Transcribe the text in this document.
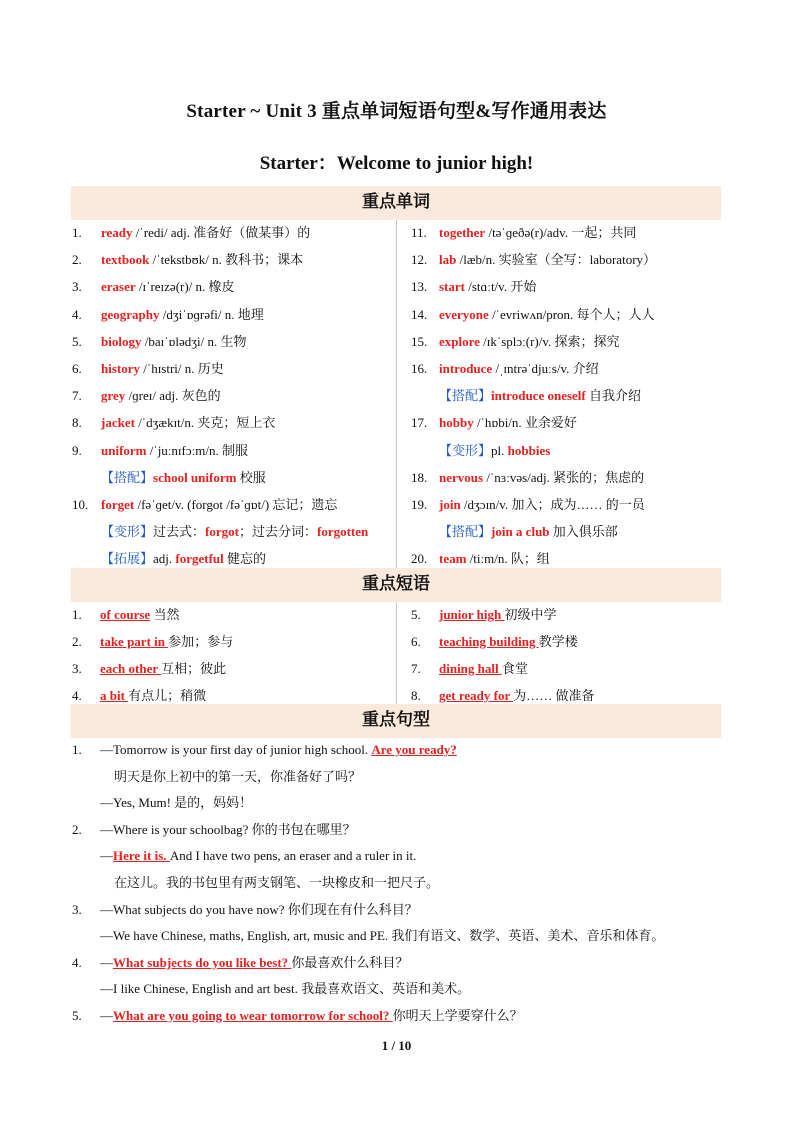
Starter ~ Unit 3 重点单词短语句型&写作通用表达
Starter：Welcome to junior high!
重点单词
1. ready /ˈredi/ adj. 准备好（做某事）的
2. textbook /ˈtekstbʊk/ n. 教科书；课本
3. eraser /ɪˈreɪzə(r)/ n. 橡皮
4. geography /dʒiˈɒɡrəfi/ n. 地理
5. biology /baɪˈɒlədʒi/ n. 生物
6. history /ˈhɪstri/ n. 历史
7. grey /ɡreɪ/ adj. 灰色的
8. jacket /ˈdʒækɪt/n. 夹克；短上衣
9. uniform /ˈjuːnɪfɔːm/n. 制服
【搭配】school uniform 校服
10. forget /fəˈɡet/v. (forgot /fəˈɡɒt/) 忘记；遗忘
【变形】过去式：forgot；过去分词：forgotten
【拓展】adj. forgetful 健忘的
11. together /təˈɡeðə(r)/adv. 一起；共同
12. lab /læb/n. 实验室（全写：laboratory）
13. start /stɑːt/v. 开始
14. everyone /ˈevriwʌn/pron. 每个人；人人
15. explore /ɪkˈsplɔː(r)/v. 探索；探究
16. introduce /ˌɪntrəˈdjuːs/v. 介绍
【搭配】introduce oneself 自我介绍
17. hobby /ˈhɒbi/n. 业余爱好
【变形】pl. hobbies
18. nervous /ˈnɜːvəs/adj. 紧张的；焦虑的
19. join /dʒɔɪn/v. 加入；成为…… 的一员
【搭配】join a club 加入俱乐部
20. team /tiːm/n. 队；组
重点短语
1. of course 当然
2. take part in 参加；参与
3. each other 互相；彼此
4. a bit 有点儿；稍微
5. junior high 初级中学
6. teaching building 教学楼
7. dining hall 食堂
8. get ready for 为…… 做准备
重点句型
1. —Tomorrow is your first day of junior high school. Are you ready?
明天是你上初中的第一天，你准备好了吗？
—Yes, Mum! 是的，妈妈！
2. —Where is your schoolbag? 你的书包在哪里？
—Here it is. And I have two pens, an eraser and a ruler in it.
在这儿。我的书包里有两支钢笔、一块橡皮和一把尺子。
3. —What subjects do you have now? 你们现在有什么科目？
—We have Chinese, maths, English, art, music and PE. 我们有语文、数学、英语、美术、音乐和体育。
4. —What subjects do you like best? 你最喜欢什么科目？
—I like Chinese, English and art best. 我最喜欢语文、英语和美术。
5. —What are you going to wear tomorrow for school? 你明天上学要穿什么？
1 / 10
